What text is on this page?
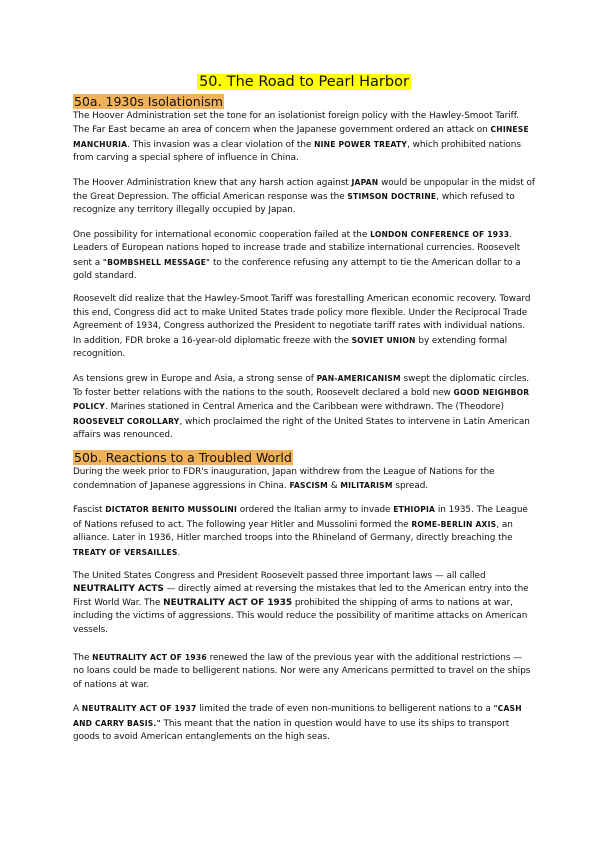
50. The Road to Pearl Harbor
50a. 1930s Isolationism

The Hoover Administration set the tone for an isolationist foreign policy with the Hawley-Smoot Tariff. The Far East became an area of concern when the Japanese government ordered an attack on CHINESE MANCHURIA. This invasion was a clear violation of the NINE POWER TREATY, which prohibited nations from carving a special sphere of influence in China.

The Hoover Administration knew that any harsh action against JAPAN would be unpopular in the midst of the Great Depression. The official American response was the STIMSON DOCTRINE, which refused to recognize any territory illegally occupied by Japan.

One possibility for international economic cooperation failed at the LONDON CONFERENCE OF 1933. Leaders of European nations hoped to increase trade and stabilize international currencies. Roosevelt sent a "BOMBSHELL MESSAGE" to the conference refusing any attempt to tie the American dollar to a gold standard.

Roosevelt did realize that the Hawley-Smoot Tariff was forestalling American economic recovery. Toward this end, Congress did act to make United States trade policy more flexible. Under the Reciprocal Trade Agreement of 1934, Congress authorized the President to negotiate tariff rates with individual nations. In addition, FDR broke a 16-year-old diplomatic freeze with the SOVIET UNION by extending formal recognition.

As tensions grew in Europe and Asia, a strong sense of PAN-AMERICANISM swept the diplomatic circles. To foster better relations with the nations to the south, Roosevelt declared a bold new GOOD NEIGHBOR POLICY. Marines stationed in Central America and the Caribbean were withdrawn. The (Theodore) ROOSEVELT COROLLARY, which proclaimed the right of the United States to intervene in Latin American affairs was renounced.

50b. Reactions to a Troubled World

During the week prior to FDR's inauguration, Japan withdrew from the League of Nations for the condemnation of Japanese aggressions in China. FASCISM & MILITARISM spread.

Fascist DICTATOR BENITO MUSSOLINI ordered the Italian army to invade ETHIOPIA in 1935. The League of Nations refused to act. The following year Hitler and Mussolini formed the ROME-BERLIN AXIS, an alliance. Later in 1936, Hitler marched troops into the Rhineland of Germany, directly breaching the TREATY OF VERSAILLES.

The United States Congress and President Roosevelt passed three important laws — all called NEUTRALITY ACTS — directly aimed at reversing the mistakes that led to the American entry into the First World War. The NEUTRALITY ACT OF 1935 prohibited the shipping of arms to nations at war, including the victims of aggressions. This would reduce the possibility of maritime attacks on American vessels.

The NEUTRALITY ACT OF 1936 renewed the law of the previous year with the additional restrictions — no loans could be made to belligerent nations. Nor were any Americans permitted to travel on the ships of nations at war.

A NEUTRALITY ACT OF 1937 limited the trade of even non-munitions to belligerent nations to a "CASH AND CARRY BASIS." This meant that the nation in question would have to use its ships to transport goods to avoid American entanglements on the high seas.
